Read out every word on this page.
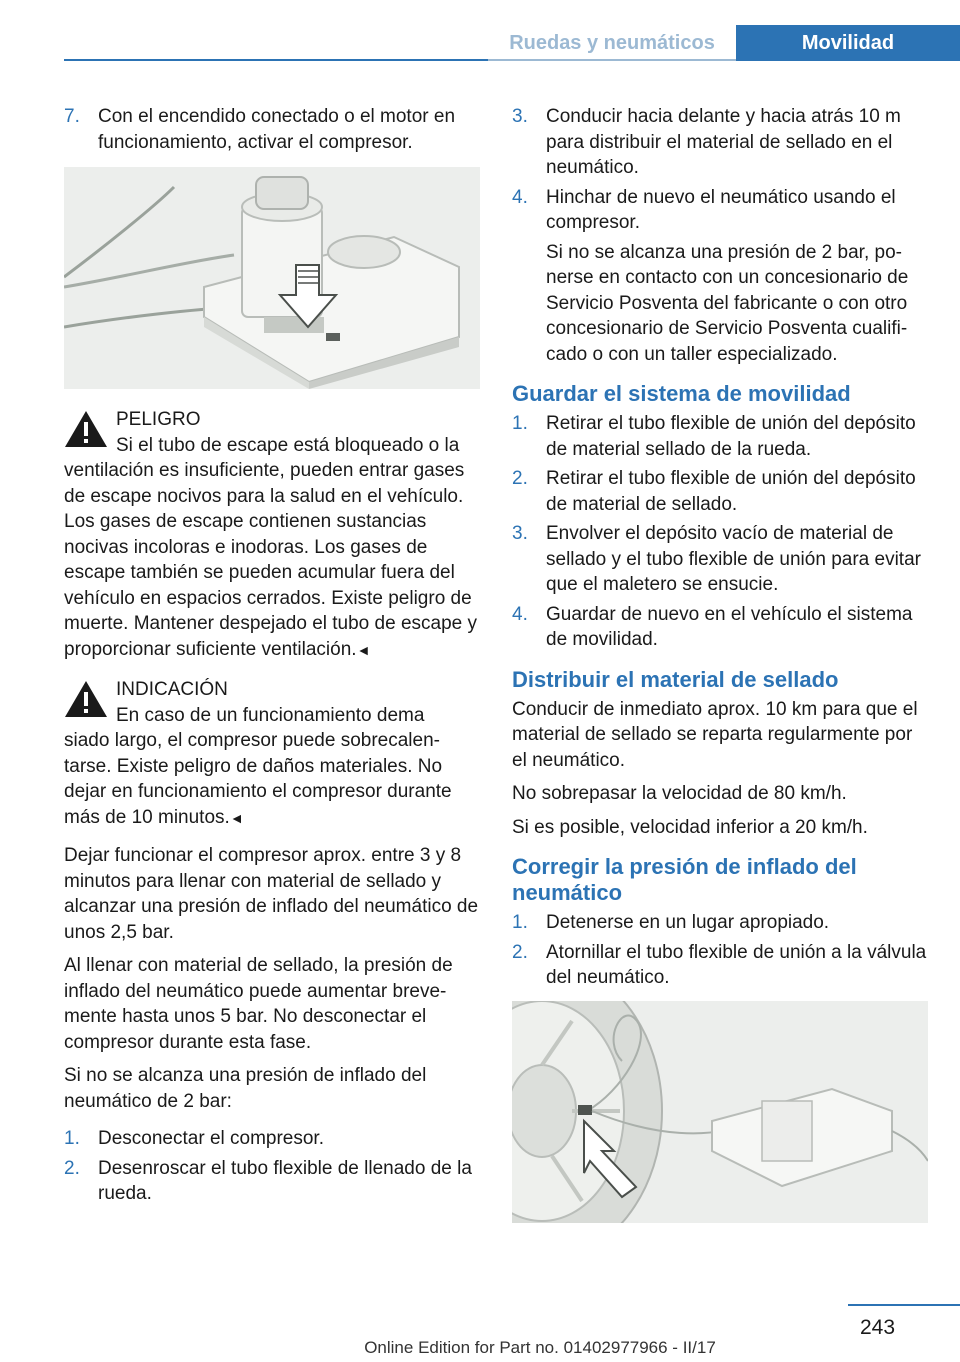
Ruedas y neumáticos	Movilidad
7. Con el encendido conectado o el motor en funcionamiento, activar el compresor.
PELIGRO
Si el tubo de escape está bloqueado o la
ventilación es insuficiente, pueden entrar gases de escape nocivos para la salud en el vehículo. Los gases de escape contienen sustancias nocivas incoloras e inodoras. Los gases de escape también se pueden acumular fuera del vehículo en espacios cerrados. Existe peligro de muerte. Mantener despejado el tubo de escape y proporcionar suficiente ventilación.◄
INDICACIÓN
En caso de un funcionamiento dema
siado largo, el compresor puede sobrecalentarse. Existe peligro de daños materiales. No dejar en funcionamiento el compresor durante más de 10 minutos.◄

Dejar funcionar el compresor aprox. entre 3 y 8 minutos para llenar con material de sellado y alcanzar una presión de inflado del neumático de unos 2,5 bar.

Al llenar con material de sellado, la presión de inflado del neumático puede aumentar brevemente hasta unos 5 bar. No desconectar el compresor durante esta fase.

Si no se alcanza una presión de inflado del neumático de 2 bar:

1. Desconectar el compresor.
2. Desenroscar el tubo flexible de llenado de la rueda.
3. Conducir hacia delante y hacia atrás 10 m para distribuir el material de sellado en el neumático.
4. Hinchar de nuevo el neumático usando el compresor.
Si no se alcanza una presión de 2 bar, ponerse en contacto con un concesionario de Servicio Posventa del fabricante o con otro concesionario de Servicio Posventa cualificado o con un taller especializado.
Guardar el sistema de movilidad
1. Retirar el tubo flexible de unión del depósito de material sellado de la rueda.
2. Retirar el tubo flexible de unión del depósito de material de sellado.
3. Envolver el depósito vacío de material de sellado y el tubo flexible de unión para evitar que el maletero se ensucie.
4. Guardar de nuevo en el vehículo el sistema de movilidad.
Distribuir el material de sellado

Conducir de inmediato aprox. 10 km para que el material de sellado se reparta regularmente por el neumático.

No sobrepasar la velocidad de 80 km/h.

Si es posible, velocidad inferior a 20 km/h.

Corregir la presión de inflado del neumático
1. Detenerse en un lugar apropiado.
2. Atornillar el tubo flexible de unión a la válvula del neumático.
243
Online Edition for Part no. 01402977966 - II/17
